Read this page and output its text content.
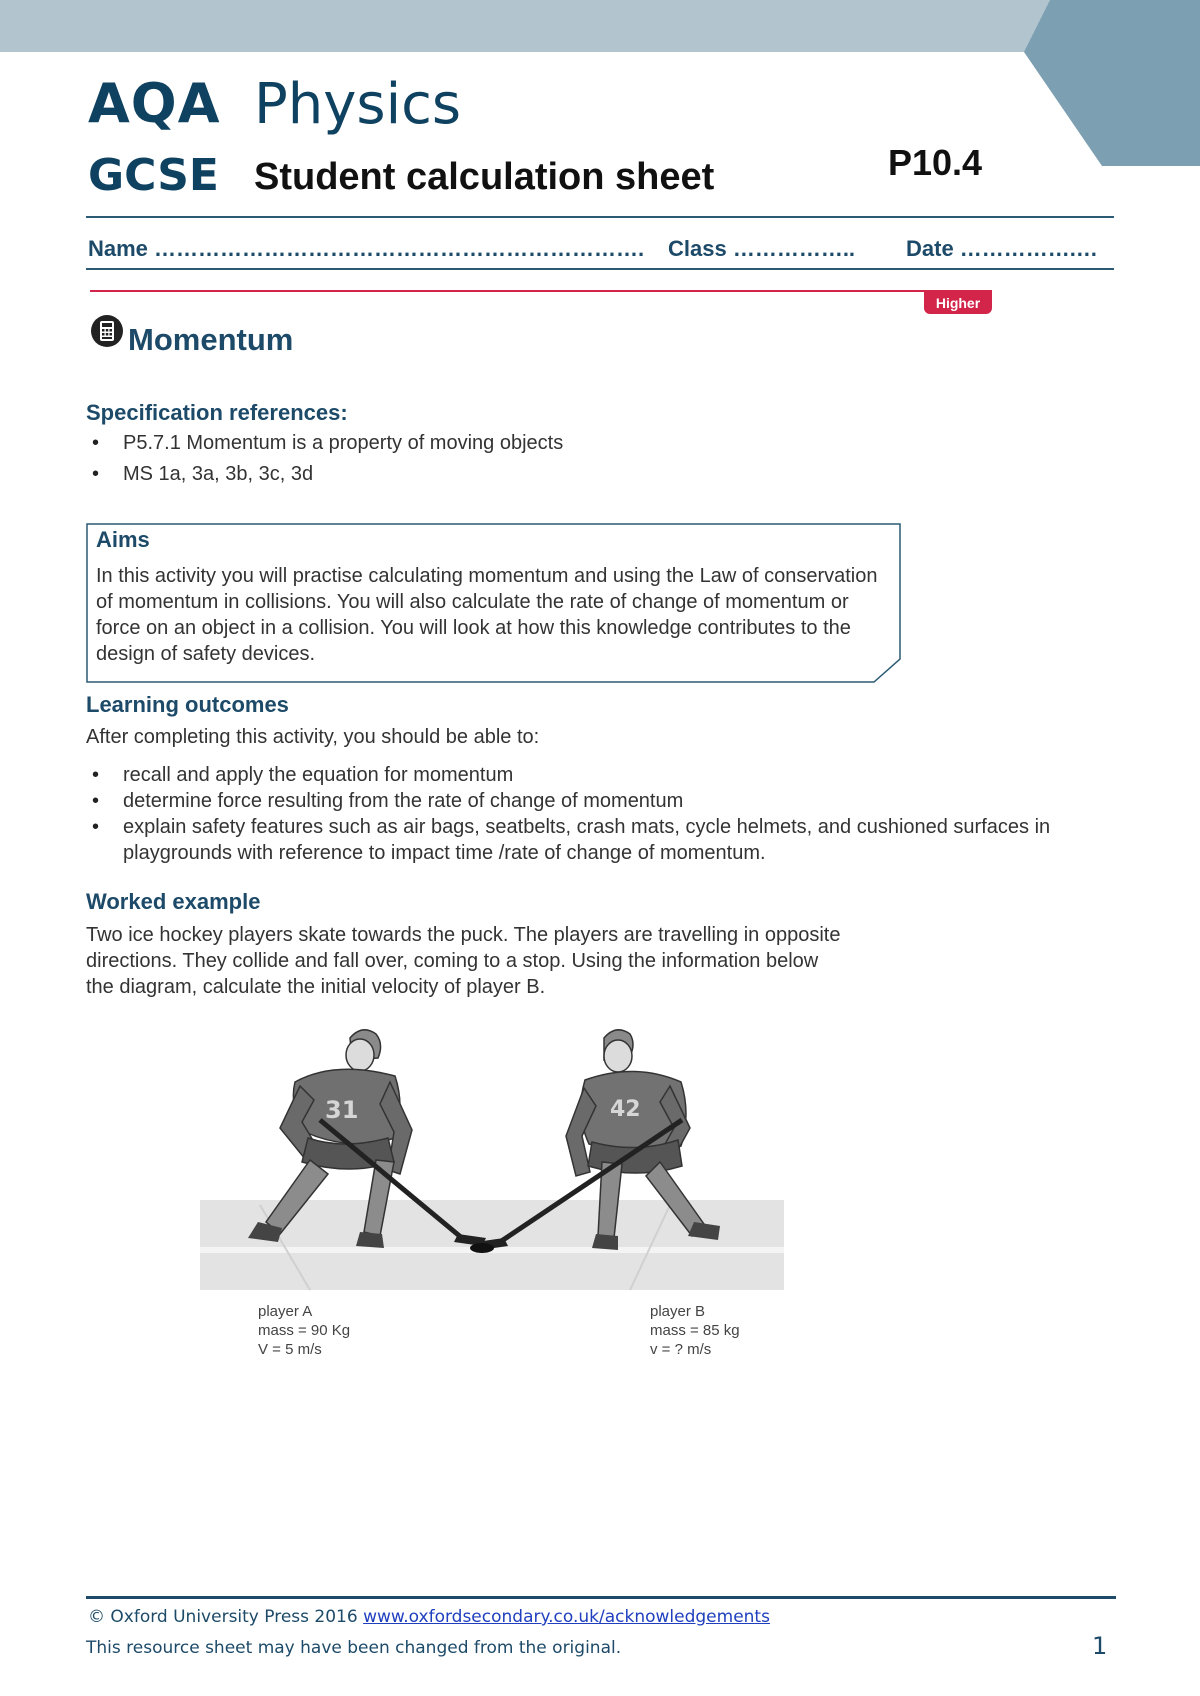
AQA Physics
GCSE Student calculation sheet	P10.4
Name …………………………………………………………. Class …………….. Date …………….…
Higher
Momentum
Specification references:
• P5.7.1 Momentum is a property of moving objects
• MS 1a, 3a, 3b, 3c, 3d
Aims
In this activity you will practise calculating momentum and using the Law of conservation of momentum in collisions. You will also calculate the rate of change of momentum or force on an object in a collision. You will look at how this knowledge contributes to the design of safety devices.
Learning outcomes
After completing this activity, you should be able to:
• recall and apply the equation for momentum
• determine force resulting from the rate of change of momentum
• explain safety features such as air bags, seatbelts, crash mats, cycle helmets, and cushioned surfaces in playgrounds with reference to impact time /rate of change of momentum.
Worked example
Two ice hockey players skate towards the puck. The players are travelling in opposite directions. They collide and fall over, coming to a stop. Using the information below the diagram, calculate the initial velocity of player B.
31	42
player A
mass = 90 Kg
V = 5 m/s
player B
mass = 85 kg
v = ? m/s
© Oxford University Press 2016 www.oxfordsecondary.co.uk/acknowledgements
This resource sheet may have been changed from the original.	1
